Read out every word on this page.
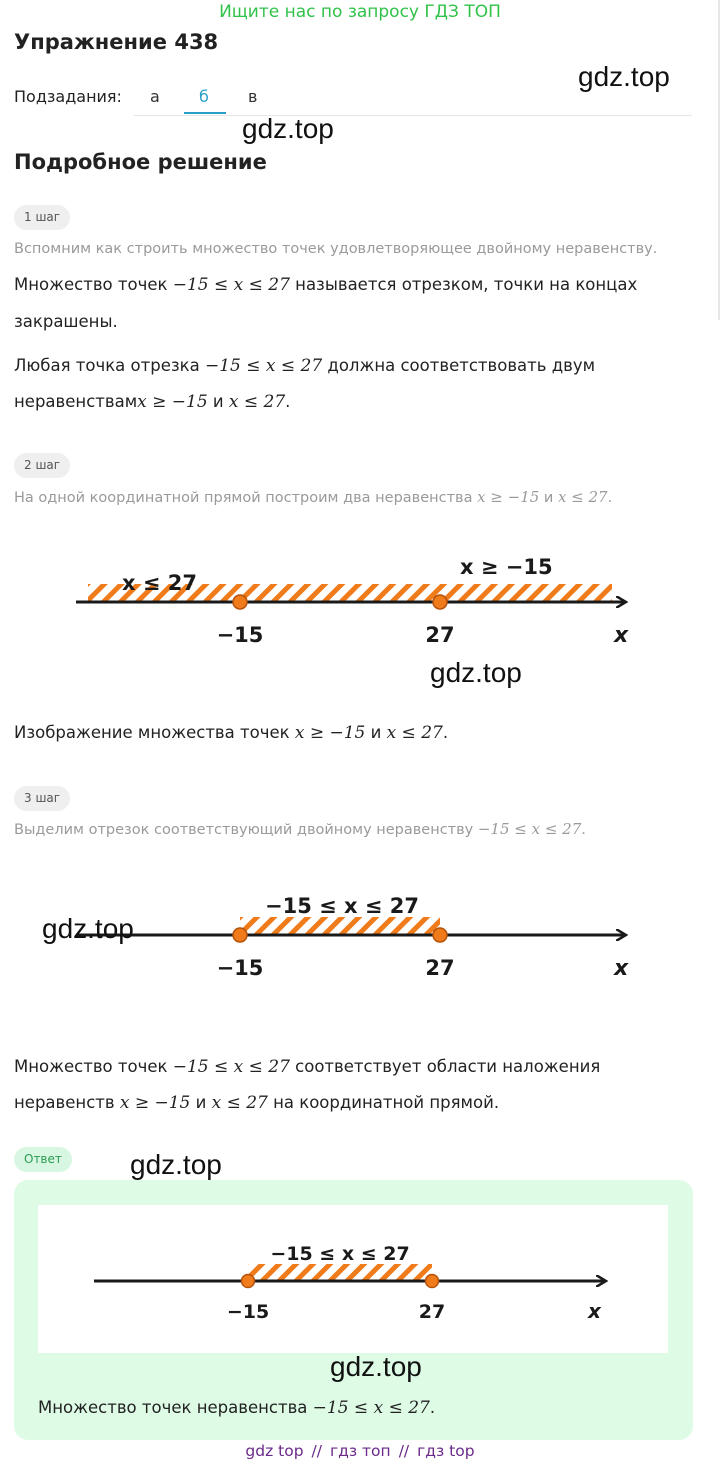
Ищите нас по запросу ГДЗ ТОП
Упражнение 438
Подзадания: а б в
gdz.top
gdz.top
Подробное решение
1 шаг
Вспомним как строить множество точек удовлетворяющее двойному неравенству.
Множество точек −15 ≤ x ≤ 27 называется отрезком, точки на концах
закрашены.
Любая точка отрезка −15 ≤ x ≤ 27 должна соответствовать двум
неравенствамx ≥ −15 и x ≤ 27.
2 шаг
На одной координатной прямой построим два неравенства x ≥ −15 и x ≤ 27.
x ≤ 27
x ≥ −15
−15	27	x
gdz.top
Изображение множества точек x ≥ −15 и x ≤ 27.
3 шаг
Выделим отрезок соответствующий двойному неравенству −15 ≤ x ≤ 27.
−15 ≤ x ≤ 27
−15	27	x
gdz.top
Множество точек −15 ≤ x ≤ 27 соответствует области наложения
неравенств x ≥ −15 и x ≤ 27 на координатной прямой.
Ответ	gdz.top
−15 ≤ x ≤ 27
−15	27	x
gdz.top
Множество точек неравенства −15 ≤ x ≤ 27.
gdz top // гдз топ // гдз top
